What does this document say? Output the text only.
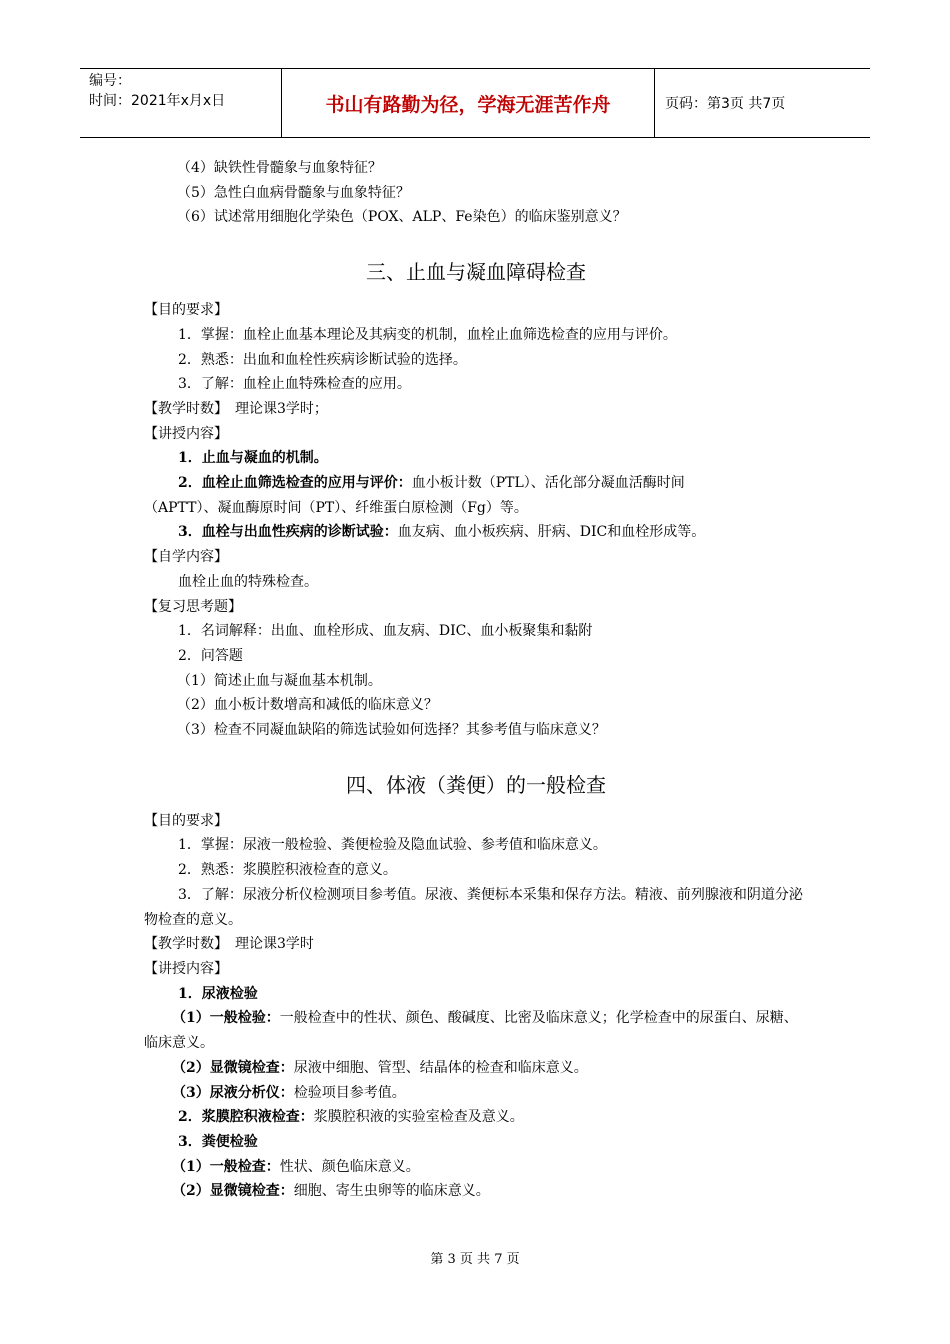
编号：
时间：2021年x月x日	书山有路勤为径，学海无涯苦作舟	页码：第3页 共7页
（4）缺铁性骨髓象与血象特征？
（5）急性白血病骨髓象与血象特征？
（6）试述常用细胞化学染色（POX、ALP、Fe染色）的临床鉴别意义？
三、止血与凝血障碍检查
【目的要求】
1．掌握：血栓止血基本理论及其病变的机制，血栓止血筛选检查的应用与评价。
2．熟悉：出血和血栓性疾病诊断试验的选择。
3．了解：血栓止血特殊检查的应用。
【教学时数】　理论课3学时；
【讲授内容】
1．止血与凝血的机制。
2．血栓止血筛选检查的应用与评价：血小板计数（PTL）、活化部分凝血活酶时间
（APTT）、凝血酶原时间（PT）、纤维蛋白原检测（Fg）等。
3．血栓与出血性疾病的诊断试验：血友病、血小板疾病、肝病、DIC和血栓形成等。
【自学内容】
血栓止血的特殊检查。
【复习思考题】
1．名词解释：出血、血栓形成、血友病、DIC、血小板聚集和黏附
2．问答题
（1）简述止血与凝血基本机制。
（2）血小板计数增高和减低的临床意义？
（3）检查不同凝血缺陷的筛选试验如何选择？其参考值与临床意义？
四、体液（粪便）的一般检查
【目的要求】
1．掌握：尿液一般检验、粪便检验及隐血试验、参考值和临床意义。
2．熟悉：浆膜腔积液检查的意义。
3．了解：尿液分析仪检测项目参考值。尿液、粪便标本采集和保存方法。精液、前列腺液和阴道分泌物检查的意义。
【教学时数】　理论课3学时
【讲授内容】
1．尿液检验
（1）一般检验：一般检查中的性状、颜色、酸碱度、比密及临床意义；化学检查中的尿蛋白、尿糖、临床意义。
（2）显微镜检查：尿液中细胞、管型、结晶体的检查和临床意义。
（3）尿液分析仪：检验项目参考值。
2．浆膜腔积液检查：浆膜腔积液的实验室检查及意义。
3．粪便检验
（1）一般检查：性状、颜色临床意义。
（2）显微镜检查：细胞、寄生虫卵等的临床意义。
第 3 页 共 7 页
